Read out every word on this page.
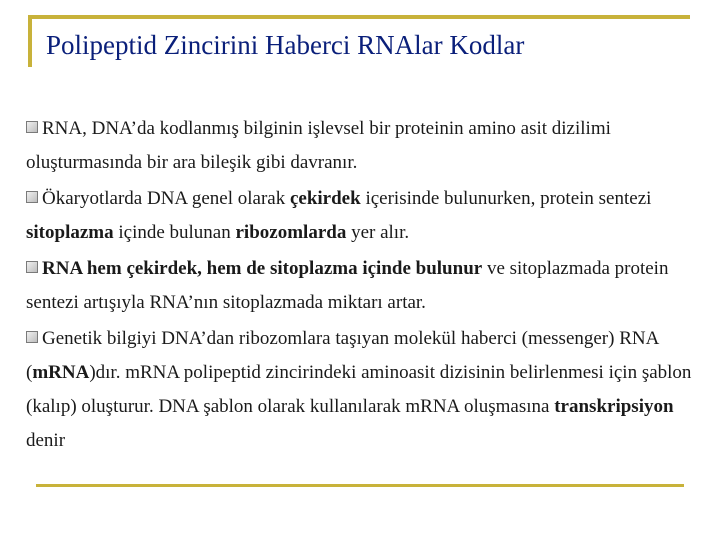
Polipeptid Zincirini Haberci RNAlar Kodlar

RNA, DNA’da kodlanmış bilginin işlevsel bir proteinin amino asit dizilimi oluşturmasında bir ara bileşik gibi davranır.

Ökaryotlarda DNA genel olarak çekirdek içerisinde bulunurken, protein sentezi sitoplazma içinde bulunan ribozomlarda yer alır.

RNA hem çekirdek, hem de sitoplazma içinde bulunur ve sitoplazmada protein sentezi artışıyla RNA’nın sitoplazmada miktarı artar.

Genetik bilgiyi DNA’dan ribozomlara taşıyan molekül haberci (messenger) RNA (mRNA)dır. mRNA polipeptid zincirindeki aminoasit dizisinin belirlenmesi için şablon (kalıp) oluşturur. DNA şablon olarak kullanılarak mRNA oluşmasına transkripsiyon denir
